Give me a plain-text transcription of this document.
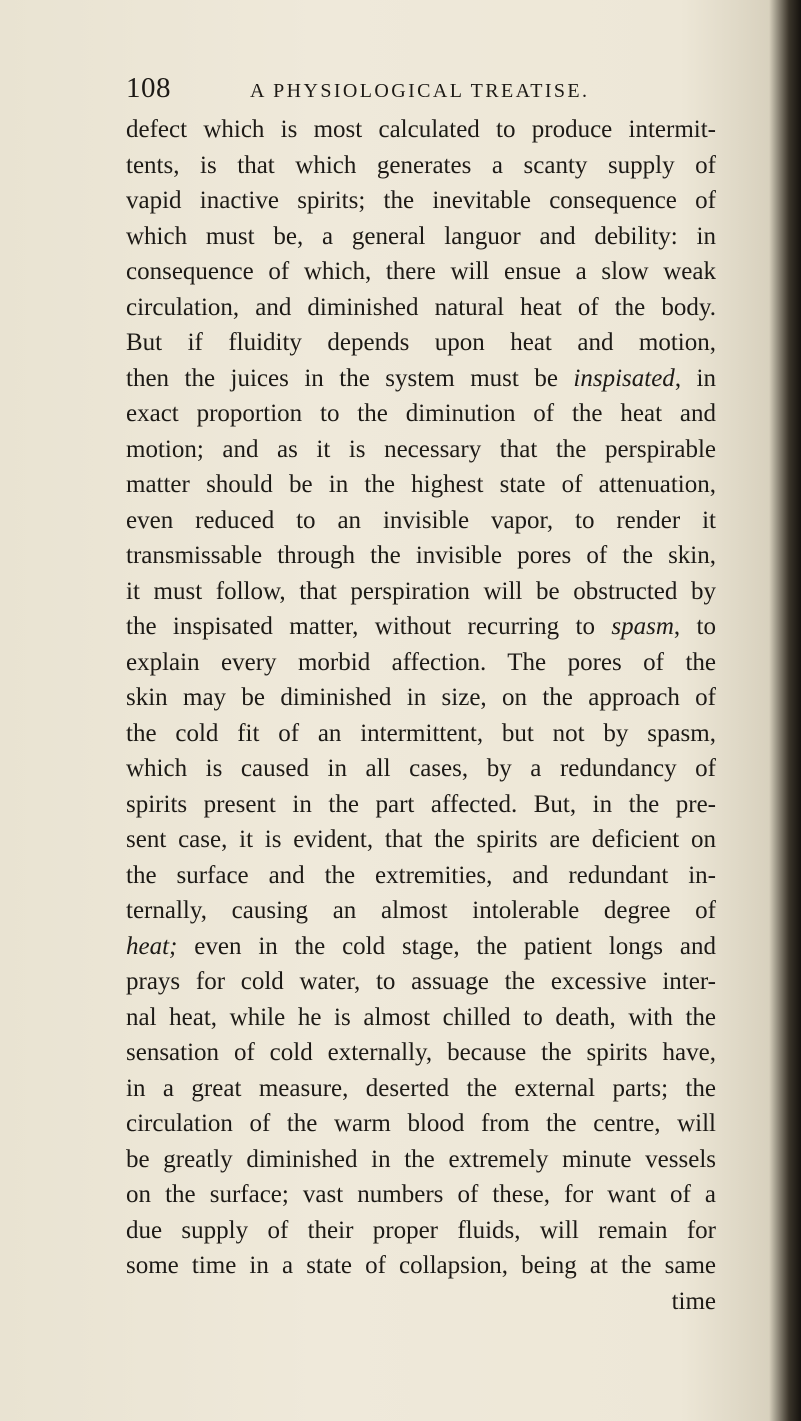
108	A PHYSIOLOGICAL TREATISE.
defect which is most calculated to produce intermit-
tents, is that which generates a scanty supply of
vapid inactive spirits; the inevitable consequence of
which must be, a general languor and debility: in
consequence of which, there will ensue a slow weak
circulation, and diminished natural heat of the body.
But if fluidity depends upon heat and motion,
then the juices in the system must be inspisated, in
exact proportion to the diminution of the heat and
motion; and as it is necessary that the perspirable
matter should be in the highest state of attenuation,
even reduced to an invisible vapor, to render it
transmissable through the invisible pores of the skin,
it must follow, that perspiration will be obstructed by
the inspisated matter, without recurring to spasm, to
explain every morbid affection. The pores of the
skin may be diminished in size, on the approach of
the cold fit of an intermittent, but not by spasm,
which is caused in all cases, by a redundancy of
spirits present in the part affected. But, in the pre-
sent case, it is evident, that the spirits are deficient on
the surface and the extremities, and redundant in-
ternally, causing an almost intolerable degree of
heat; even in the cold stage, the patient longs and
prays for cold water, to assuage the excessive inter-
nal heat, while he is almost chilled to death, with the
sensation of cold externally, because the spirits have,
in a great measure, deserted the external parts; the
circulation of the warm blood from the centre, will
be greatly diminished in the extremely minute vessels
on the surface; vast numbers of these, for want of a
due supply of their proper fluids, will remain for
some time in a state of collapsion, being at the same
time
